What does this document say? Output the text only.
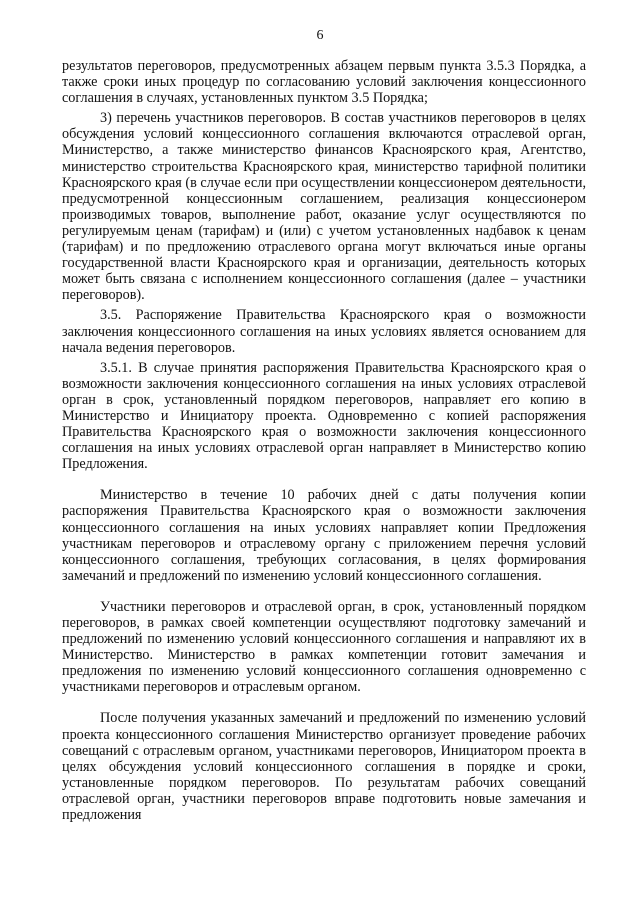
6

результатов переговоров, предусмотренных абзацем первым пункта 3.5.3 Порядка, а также сроки иных процедур по согласованию условий заключения концессионного соглашения в случаях, установленных пунктом 3.5 Порядка;

3) перечень участников переговоров. В состав участников переговоров в целях обсуждения условий концессионного соглашения включаются отраслевой орган, Министерство, а также министерство финансов Красноярского края, Агентство, министерство строительства Красноярского края, министерство тарифной политики Красноярского края (в случае если при осуществлении концессионером деятельности, предусмотренной концессионным соглашением, реализация концессионером производимых товаров, выполнение работ, оказание услуг осуществляются по регулируемым ценам (тарифам) и (или) с учетом установленных надбавок к ценам (тарифам) и по предложению отраслевого органа могут включаться иные органы государственной власти Красноярского края и организации, деятельность которых может быть связана с исполнением концессионного соглашения (далее – участники переговоров).

3.5. Распоряжение Правительства Красноярского края о возможности заключения концессионного соглашения на иных условиях является основанием для начала ведения переговоров.

3.5.1. В случае принятия распоряжения Правительства Красноярского края о возможности заключения концессионного соглашения на иных условиях отраслевой орган в срок, установленный порядком переговоров, направляет его копию в Министерство и Инициатору проекта. Одновременно с копией распоряжения Правительства Красноярского края о возможности заключения концессионного соглашения на иных условиях отраслевой орган направляет в Министерство копию Предложения.

Министерство в течение 10 рабочих дней с даты получения копии распоряжения Правительства Красноярского края о возможности заключения концессионного соглашения на иных условиях направляет копии Предложения участникам переговоров и отраслевому органу с приложением перечня условий концессионного соглашения, требующих согласования, в целях формирования замечаний и предложений по изменению условий концессионного соглашения.

Участники переговоров и отраслевой орган, в срок, установленный порядком переговоров, в рамках своей компетенции осуществляют подготовку замечаний и предложений по изменению условий концессионного соглашения и направляют их в Министерство. Министерство в рамках компетенции готовит замечания и предложения по изменению условий концессионного соглашения одновременно с участниками переговоров и отраслевым органом.

После получения указанных замечаний и предложений по изменению условий проекта концессионного соглашения Министерство организует проведение рабочих совещаний с отраслевым органом, участниками переговоров, Инициатором проекта в целях обсуждения условий концессионного соглашения в порядке и сроки, установленные порядком переговоров. По результатам рабочих совещаний отраслевой орган, участники переговоров вправе подготовить новые замечания и предложения
